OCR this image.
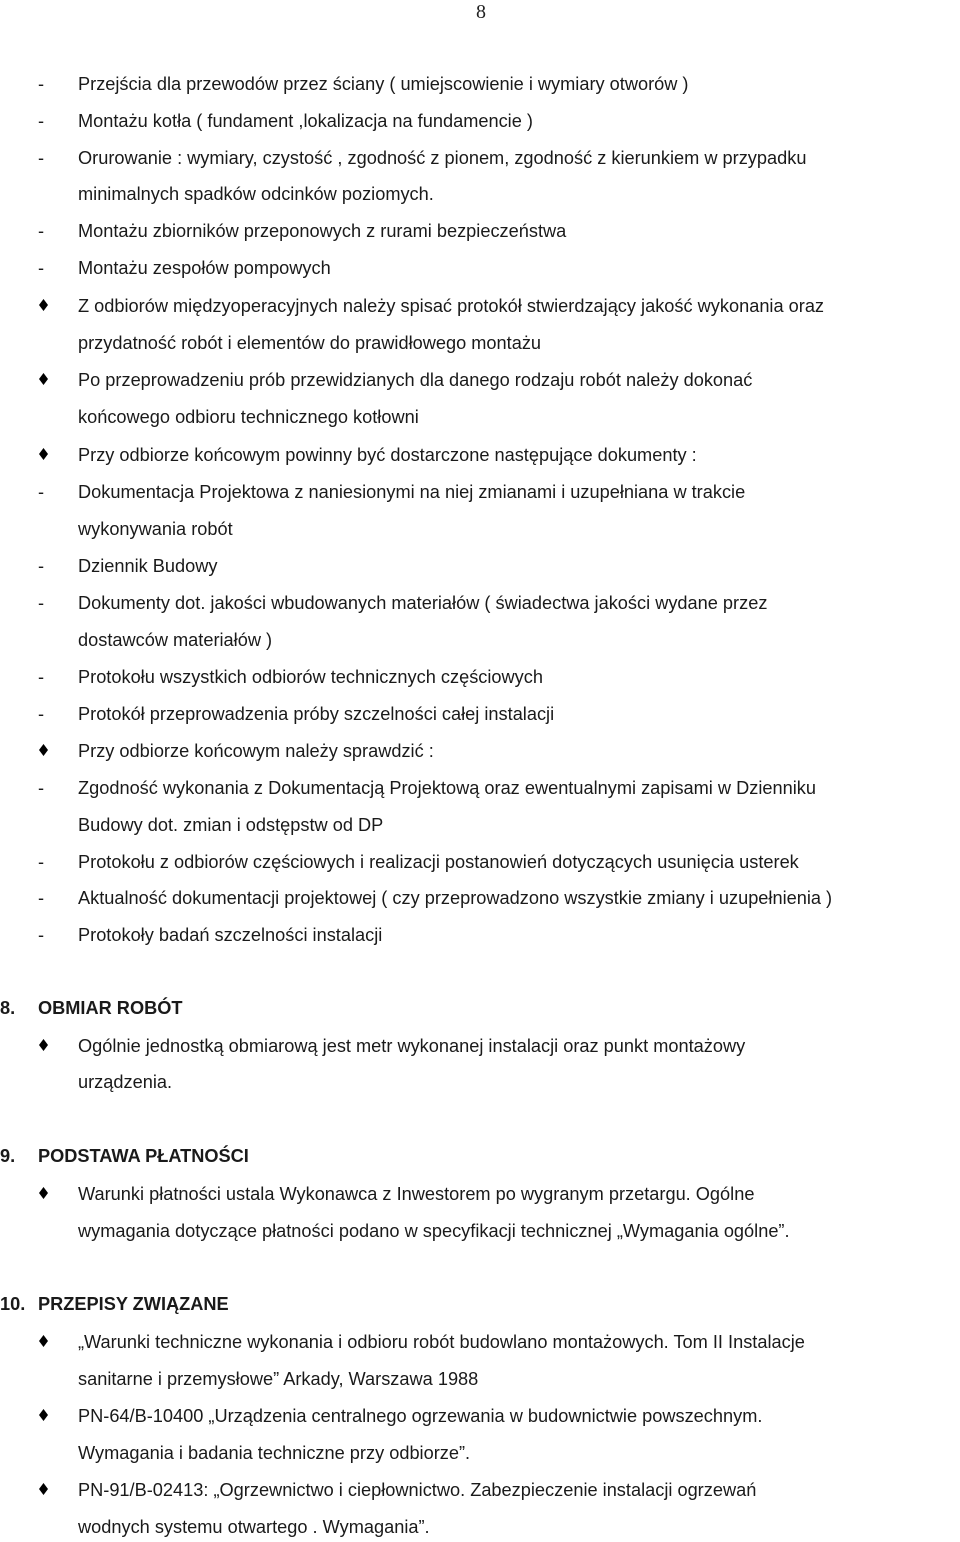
8
- Przejścia dla przewodów przez ściany ( umiejscowienie i wymiary otworów )
- Montażu kotła ( fundament ,lokalizacja na fundamencie )
- Orurowanie : wymiary, czystość , zgodność z pionem, zgodność z kierunkiem w przypadku
minimalnych spadków odcinków poziomych.
- Montażu zbiorników przeponowych z rurami bezpieczeństwa
- Montażu zespołów pompowych
Z odbiorów międzyoperacyjnych należy spisać protokół stwierdzający jakość wykonania oraz
przydatność robót i elementów do prawidłowego montażu
Po przeprowadzeniu prób przewidzianych dla danego rodzaju robót należy dokonać
końcowego odbioru technicznego kotłowni
Przy odbiorze końcowym powinny być dostarczone następujące dokumenty :
- Dokumentacja Projektowa z naniesionymi na niej zmianami i uzupełniana w trakcie
wykonywania robót
- Dziennik Budowy
- Dokumenty dot. jakości wbudowanych materiałów ( świadectwa jakości wydane przez
dostawców materiałów )
- Protokołu wszystkich odbiorów technicznych częściowych
- Protokół przeprowadzenia próby szczelności całej instalacji
Przy odbiorze końcowym należy sprawdzić :
- Zgodność wykonania z Dokumentacją Projektową oraz ewentualnymi zapisami w Dzienniku
Budowy dot. zmian i odstępstw od DP
- Protokołu z odbiorów częściowych i realizacji postanowień dotyczących usunięcia usterek
- Aktualność dokumentacji projektowej ( czy przeprowadzono wszystkie zmiany i uzupełnienia )
- Protokoły badań szczelności instalacji
8. OBMIAR ROBÓT
Ogólnie jednostką obmiarową jest metr wykonanej instalacji oraz punkt montażowy
urządzenia.
9. PODSTAWA PŁATNOŚCI
Warunki płatności ustala Wykonawca z Inwestorem po wygranym przetargu. Ogólne
wymagania dotyczące płatności podano w specyfikacji technicznej „Wymagania ogólne”.
10. PRZEPISY ZWIĄZANE
„Warunki techniczne wykonania i odbioru robót budowlano montażowych. Tom II Instalacje
sanitarne i przemysłowe” Arkady, Warszawa 1988
PN-64/B-10400 „Urządzenia centralnego ogrzewania w budownictwie powszechnym.
Wymagania i badania techniczne przy odbiorze”.
PN-91/B-02413: „Ogrzewnictwo i ciepłownictwo. Zabezpieczenie instalacji ogrzewań
wodnych systemu otwartego . Wymagania”.
